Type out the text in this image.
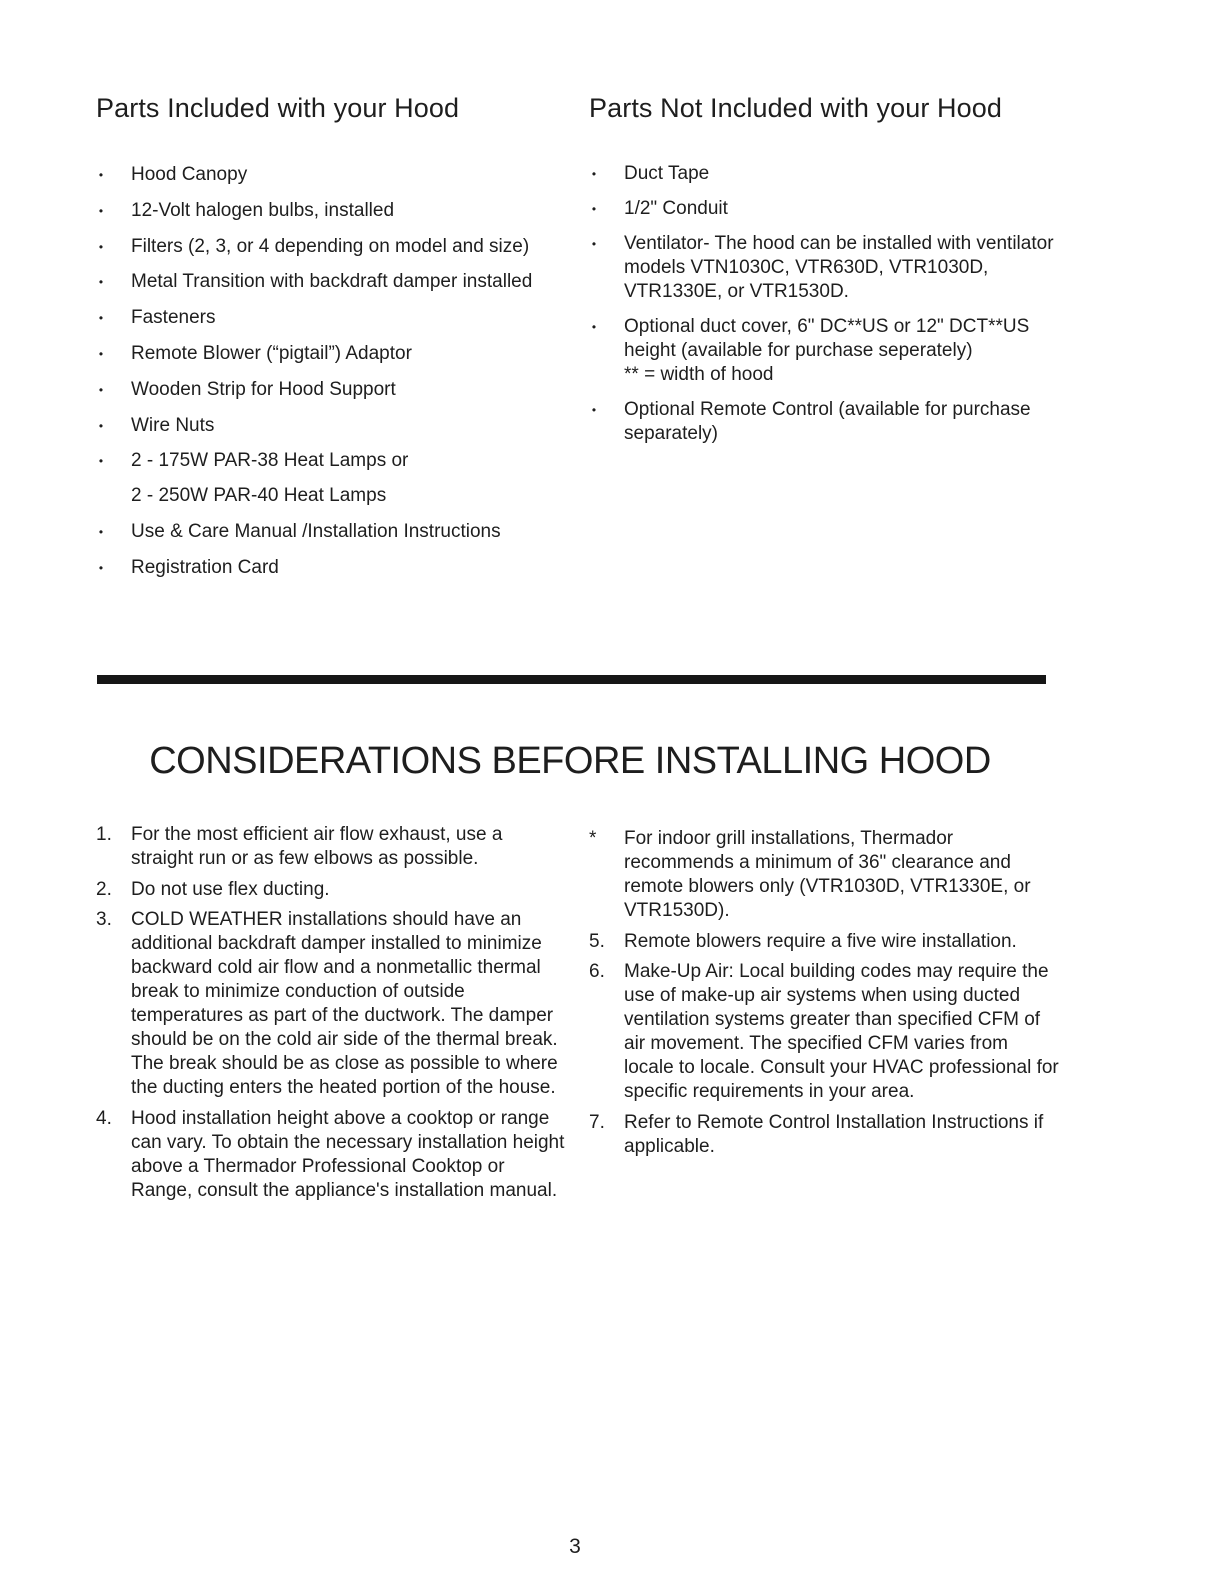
Parts Included with your Hood
• Hood Canopy
• 12-Volt halogen bulbs, installed
• Filters (2, 3, or 4 depending on model and size)
• Metal Transition with backdraft damper installed
• Fasteners
• Remote Blower (“pigtail”) Adaptor
• Wooden Strip for Hood Support
• Wire Nuts
• 2 - 175W PAR-38 Heat Lamps or
2 - 250W PAR-40 Heat Lamps
• Use & Care Manual /Installation Instructions
• Registration Card
Parts Not Included with your Hood
• Duct Tape
• 1/2" Conduit
• Ventilator- The hood can be installed with ventilator models VTN1030C, VTR630D, VTR1030D, VTR1330E, or VTR1530D.
• Optional duct cover, 6" DC**US or 12" DCT**US height (available for purchase seperately)
** = width of hood
• Optional Remote Control (available for purchase separately)
CONSIDERATIONS BEFORE INSTALLING HOOD
1. For the most efficient air flow exhaust, use a straight run or as few elbows as possible.
2. Do not use flex ducting.
3. COLD WEATHER installations should have an additional backdraft damper installed to minimize backward cold air flow and a nonmetallic thermal break to minimize conduction of outside temperatures as part of the ductwork. The damper should be on the cold air side of the thermal break. The break should be as close as possible to where the ducting enters the heated portion of the house.
4. Hood installation height above a cooktop or range can vary. To obtain the necessary installation height above a Thermador Professional Cooktop or Range, consult the appliance's installation manual.
* For indoor grill installations, Thermador recommends a minimum of 36" clearance and remote blowers only (VTR1030D, VTR1330E, or VTR1530D).
5. Remote blowers require a five wire installation.
6. Make-Up Air: Local building codes may require the use of make-up air systems when using ducted ventilation systems greater than specified CFM of air movement. The specified CFM varies from locale to locale. Consult your HVAC professional for specific requirements in your area.
7. Refer to Remote Control Installation Instructions if applicable.
3
